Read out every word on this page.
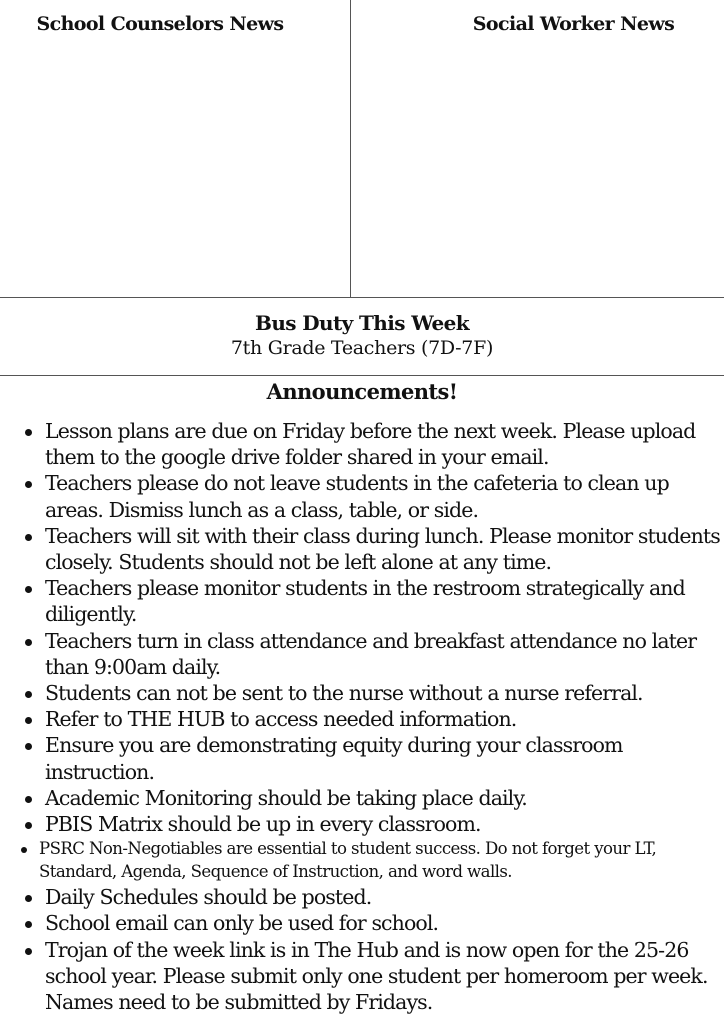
School Counselors News	Social Worker News
Bus Duty This Week
7th Grade Teachers (7D-7F)
Announcements!
Lesson plans are due on Friday before the next week. Please upload them to the google drive folder shared in your email.
Teachers please do not leave students in the cafeteria to clean up areas. Dismiss lunch as a class, table, or side.
Teachers will sit with their class during lunch. Please monitor students closely. Students should not be left alone at any time.
Teachers please monitor students in the restroom strategically and diligently.
Teachers turn in class attendance and breakfast attendance no later than 9:00am daily.
Students can not be sent to the nurse without a nurse referral.
Refer to THE HUB to access needed information.
Ensure you are demonstrating equity during your classroom instruction.
Academic Monitoring should be taking place daily.
PBIS Matrix should be up in every classroom.
PSRC Non-Negotiables are essential to student success. Do not forget your LT, Standard, Agenda, Sequence of Instruction, and word walls.
Daily Schedules should be posted.
School email can only be used for school.
Trojan of the week link is in The Hub and is now open for the 25-26 school year. Please submit only one student per homeroom per week. Names need to be submitted by Fridays.
